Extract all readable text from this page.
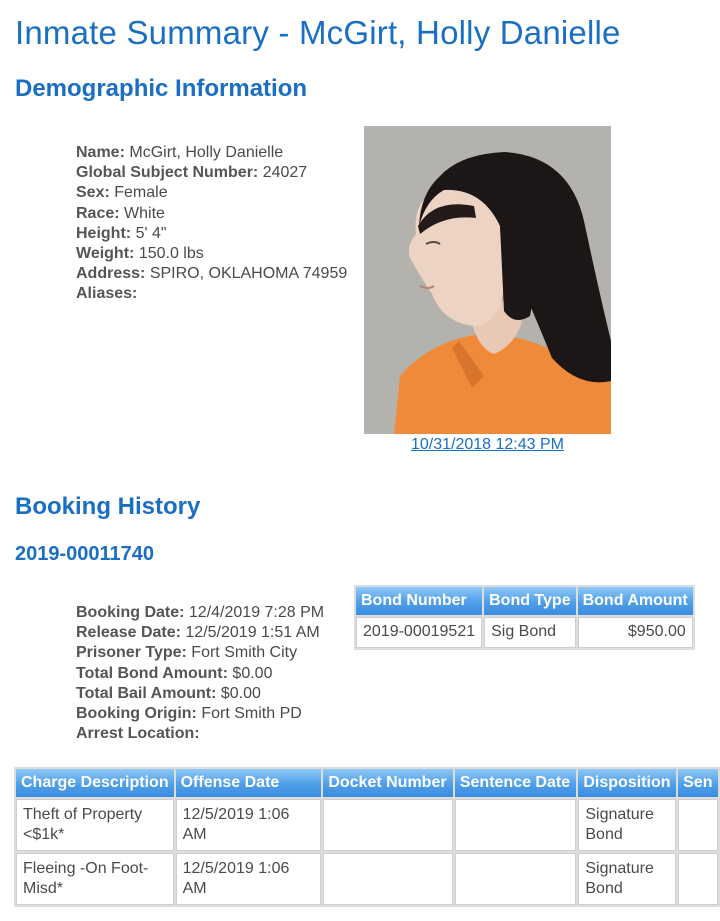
Inmate Summary - McGirt, Holly Danielle
Demographic Information
Name: McGirt, Holly Danielle
Global Subject Number: 24027
Sex: Female
Race: White
Height: 5' 4"
Weight: 150.0 lbs
Address: SPIRO, OKLAHOMA 74959
Aliases:
10/31/2018 12:43 PM
Booking History
2019-00011740
Booking Date: 12/4/2019 7:28 PM
Release Date: 12/5/2019 1:51 AM
Prisoner Type: Fort Smith City
Total Bond Amount: $0.00
Total Bail Amount: $0.00
Booking Origin: Fort Smith PD
Arrest Location:
Bond Number	Bond Type	Bond Amount
2019-00019521	Sig Bond	$950.00
Charge Description	Offense Date	Docket Number	Sentence Date	Disposition	Sen
Theft of Property <$1k*	12/5/2019 1:06 AM			Signature Bond	
Fleeing -On Foot-Misd*	12/5/2019 1:06 AM			Signature Bond	
